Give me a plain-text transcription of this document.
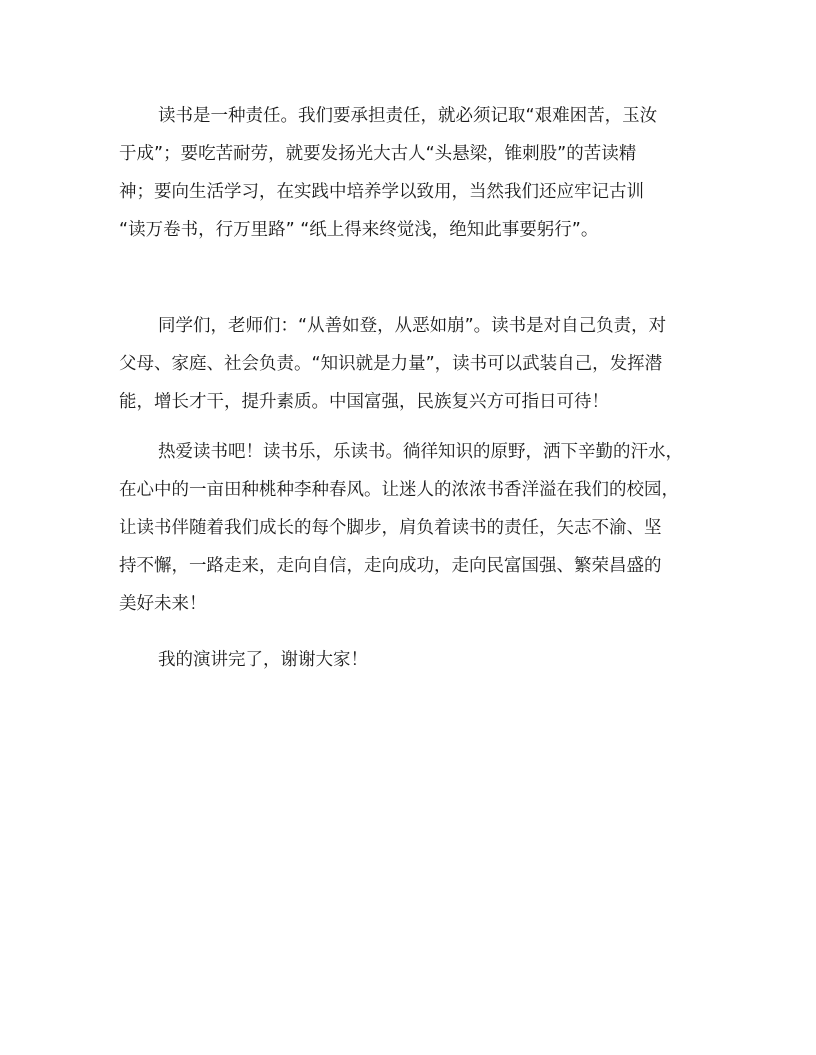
读书是一种责任。我们要承担责任，就必须记取“艰难困苦，玉汝
于成”；要吃苦耐劳，就要发扬光大古人“头悬梁，锥刺股”的苦读精
神；要向生活学习，在实践中培养学以致用，当然我们还应牢记古训
“读万卷书，行万里路” “纸上得来终觉浅，绝知此事要躬行”。
同学们，老师们：“从善如登，从恶如崩”。读书是对自己负责，对
父母、家庭、社会负责。“知识就是力量”，读书可以武装自己，发挥潜
能，增长才干，提升素质。中国富强，民族复兴方可指日可待！
热爱读书吧！读书乐，乐读书。徜徉知识的原野，洒下辛勤的汗水，
在心中的一亩田种桃种李种春风。让迷人的浓浓书香洋溢在我们的校园，
让读书伴随着我们成长的每个脚步，肩负着读书的责任，矢志不渝、坚
持不懈，一路走来，走向自信，走向成功，走向民富国强、繁荣昌盛的
美好未来！
我的演讲完了，谢谢大家！
